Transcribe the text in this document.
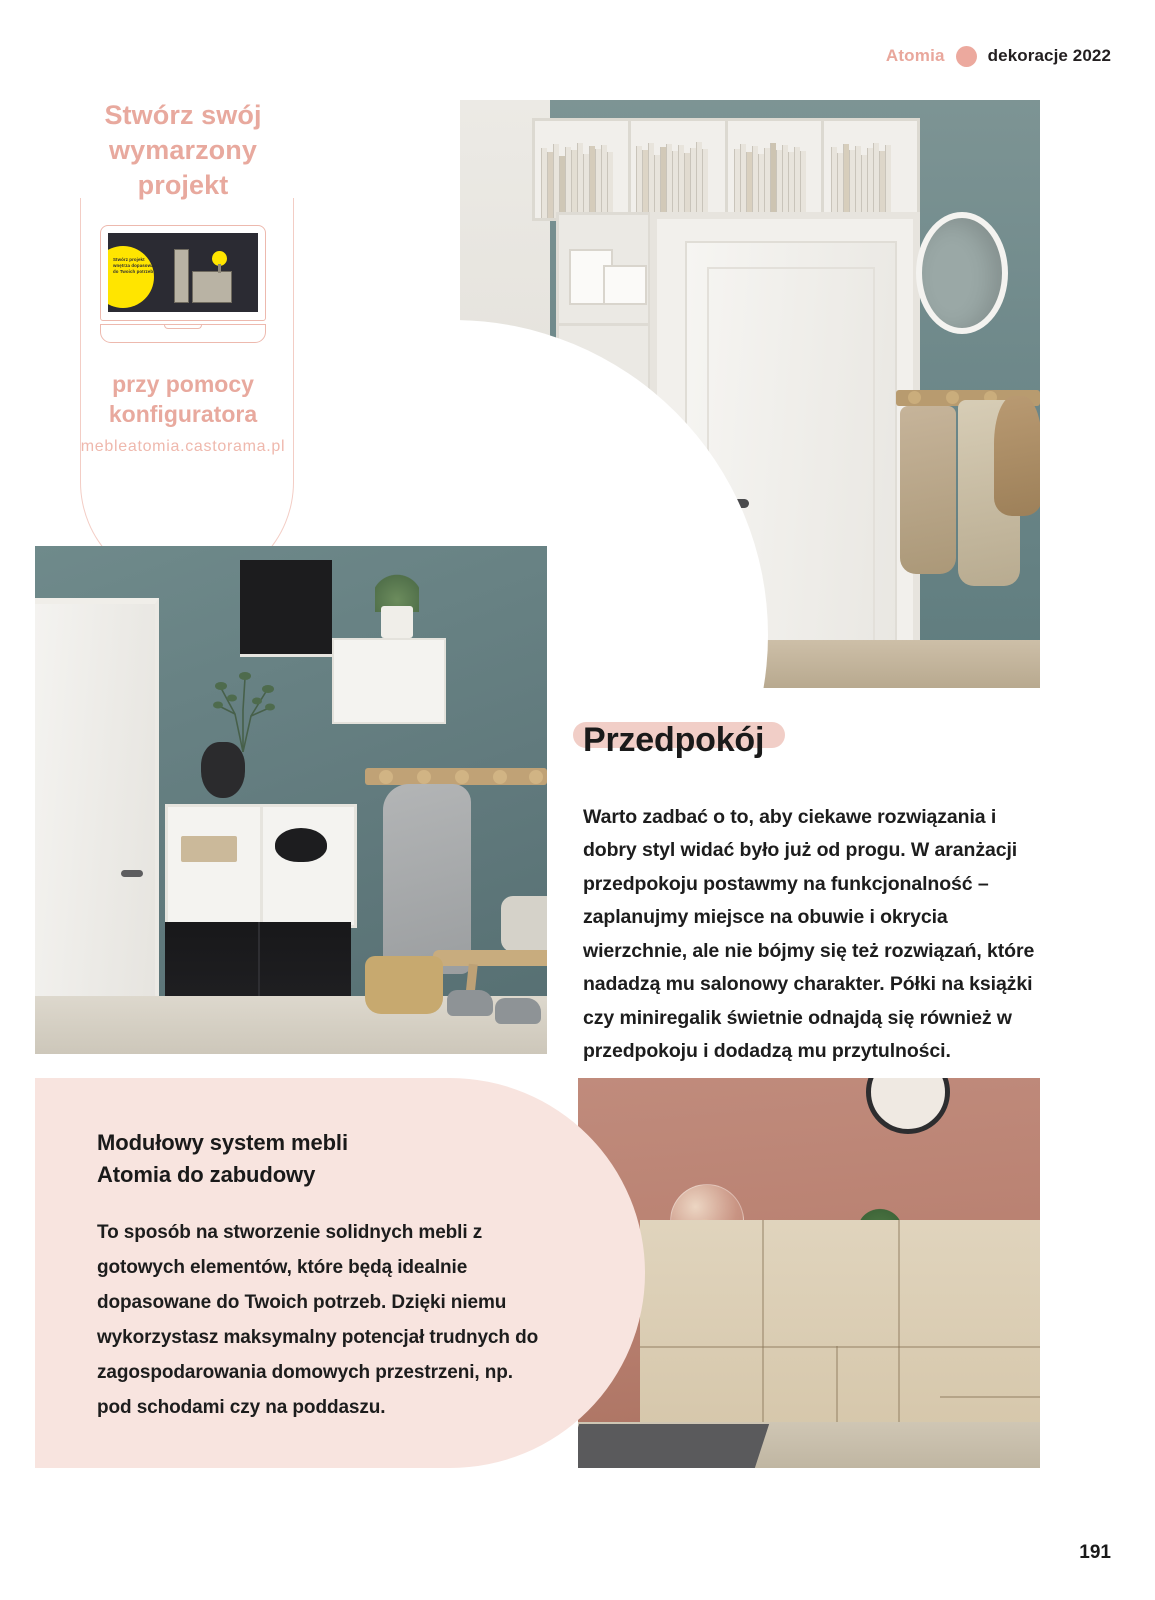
Atomia	dekoracje 2022
Stwórz swój
wymarzony
projekt
Stwórz projekt wnętrza dopasowany do Twoich potrzeb
przy pomocy
konfiguratora
mebleatomia.castorama.pl
Przedpokój

Warto zadbać o to, aby ciekawe rozwiązania i dobry styl widać było już od progu. W aranżacji przedpokoju postawmy na funkcjonalność – zaplanujmy miejsce na obuwie i okrycia wierzchnie, ale nie bójmy się też rozwiązań, które nadadzą mu salonowy charakter. Półki na książki czy miniregalik świetnie odnajdą się również w przedpokoju i dodadzą mu przytulności.

Modułowy system mebli
Atomia do zabudowy

To sposób na stworzenie solidnych mebli z gotowych elementów, które będą idealnie dopasowane do Twoich potrzeb. Dzięki niemu wykorzystasz maksymalny potencjał trudnych do zagospodarowania domowych przestrzeni, np. pod schodami czy na poddaszu.

191
